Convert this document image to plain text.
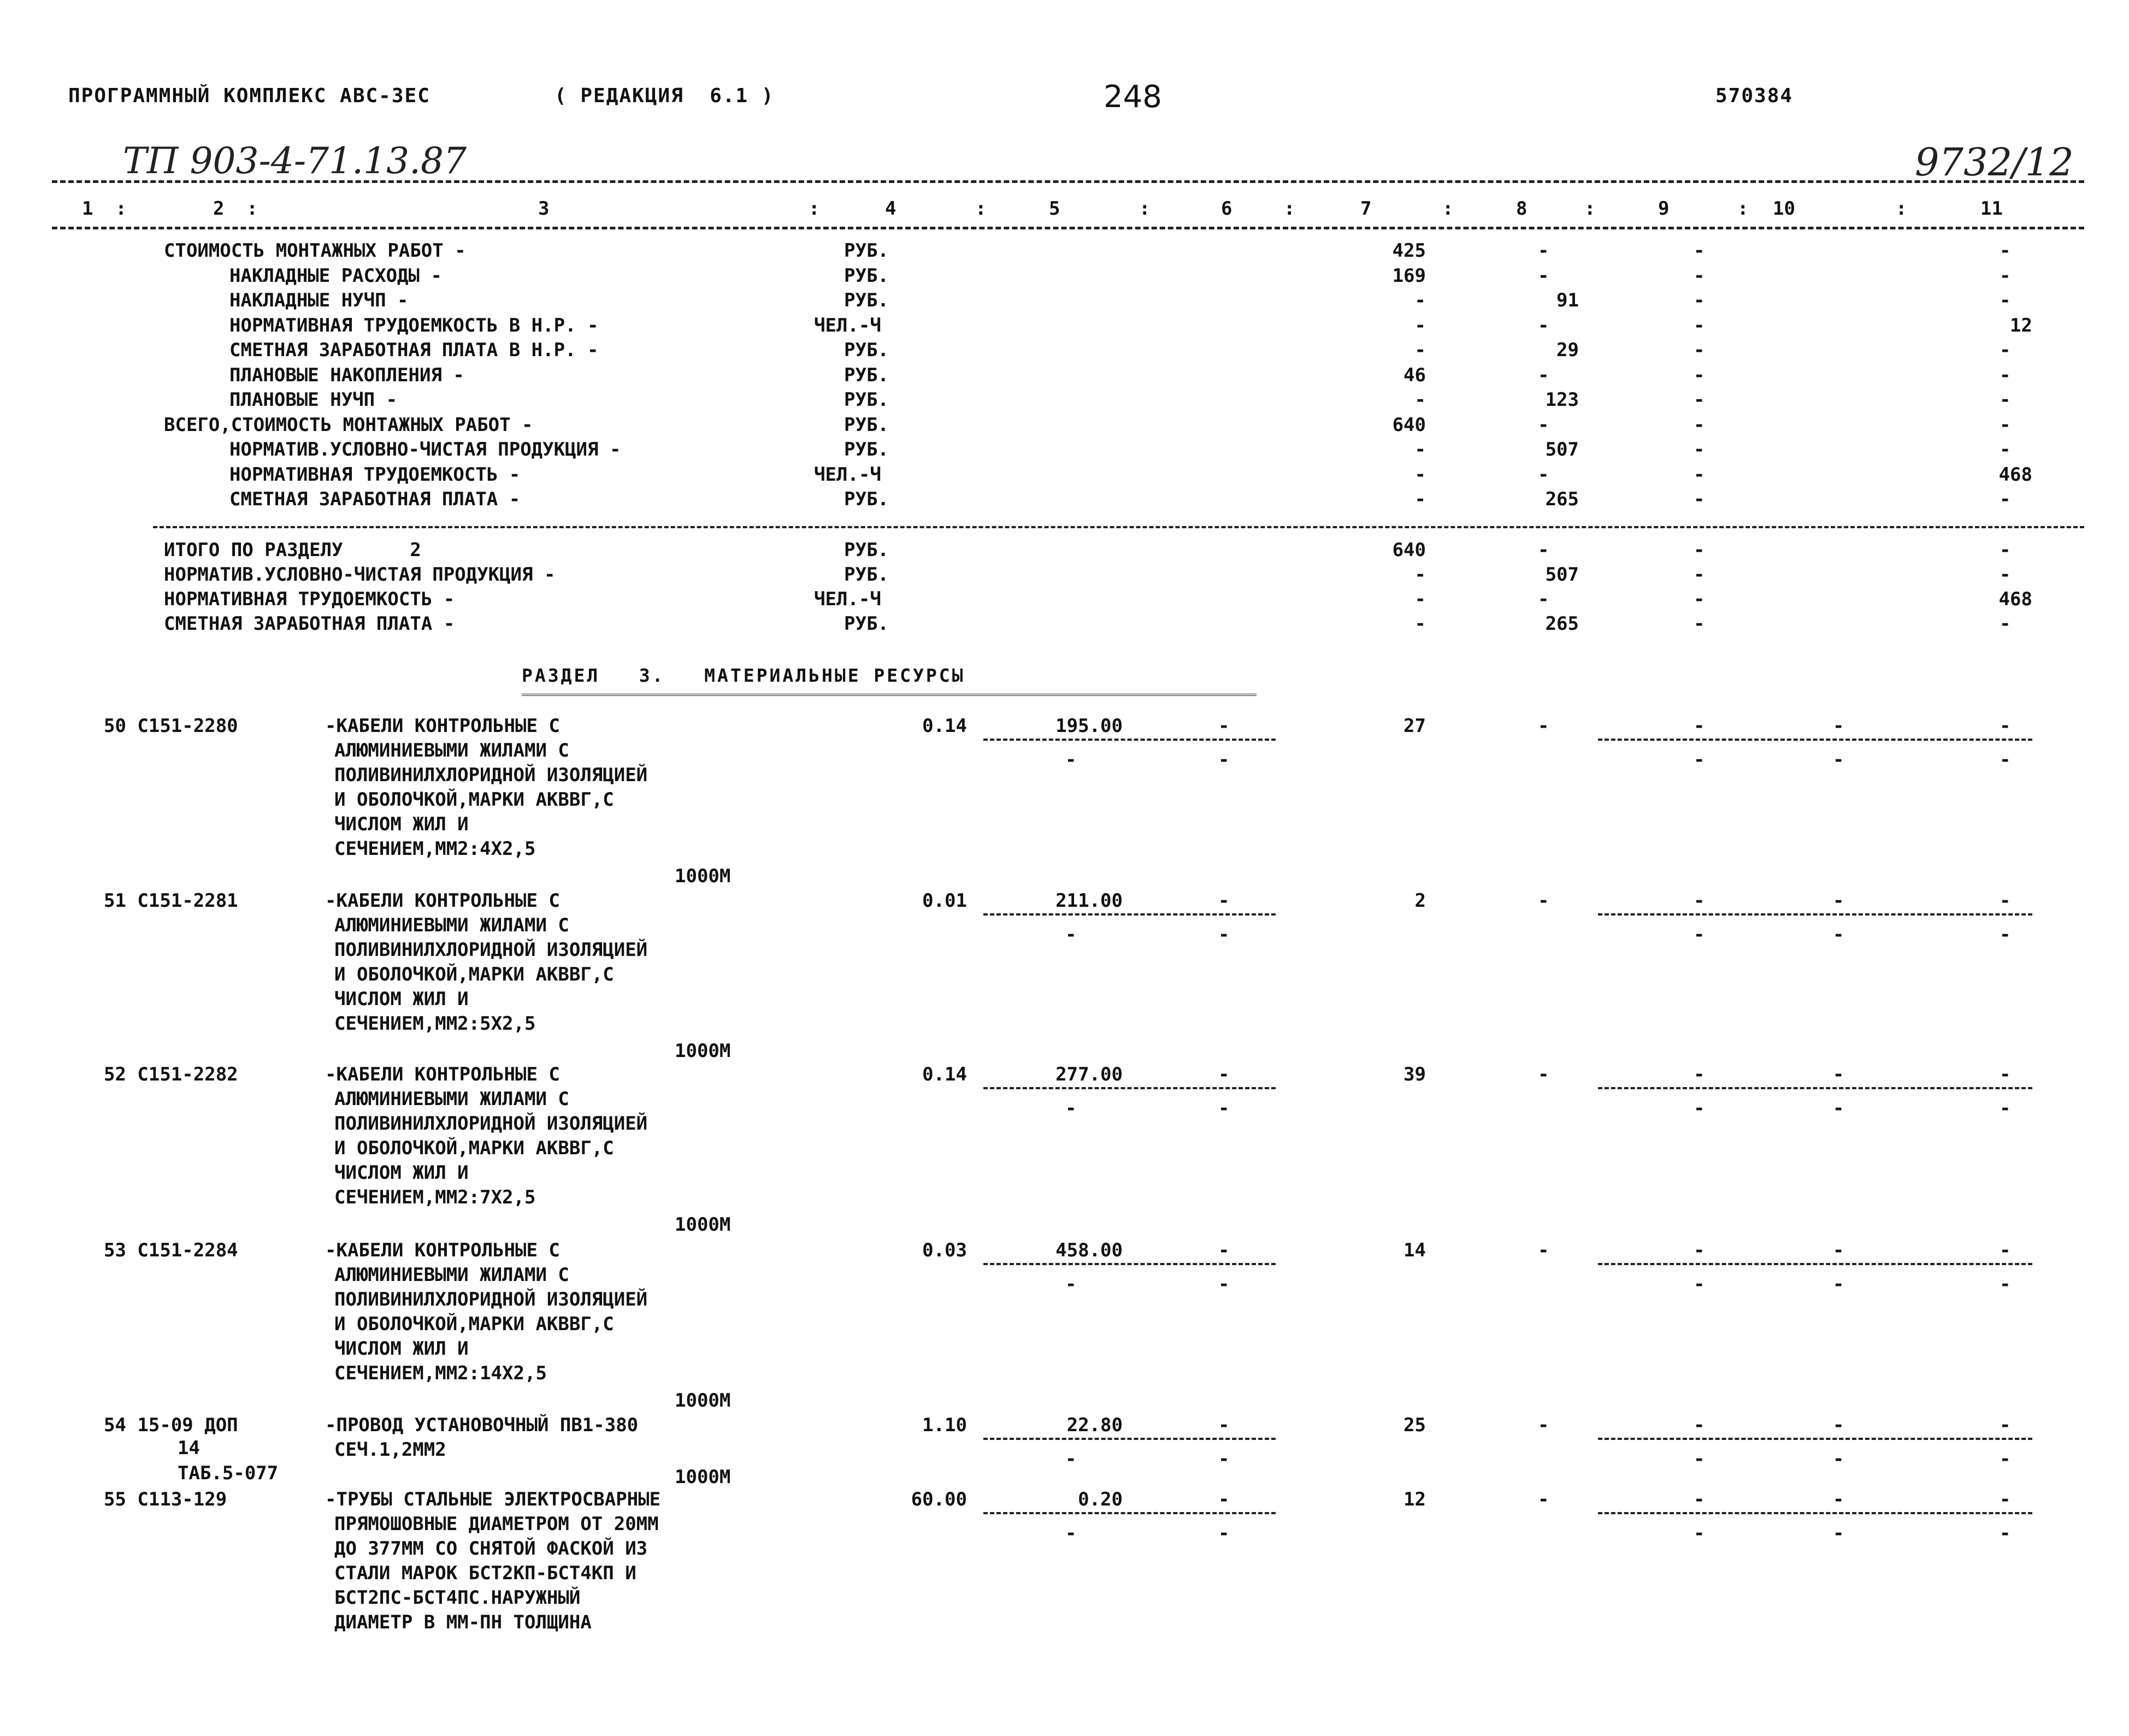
ПРОГРАММНЫЙ КОМПЛЕКС АВС-ЗЕС	( РЕДАКЦИЯ  6.1 )	248	570384
ТП 903-4-71.13.87	9732/12
1  :	2  :	3	:	4	:	5	:	6	:	7	:	8	:	9	: 10	:	11
СТОИМОСТЬ МОНТАЖНЫХ РАБОТ -	РУБ.	425	-	-	-
НАКЛАДНЫЕ РАСХОДЫ -	РУБ.	169	-	-	-
НАКЛАДНЫЕ НУЧП -	РУБ.	-	91	-	-
НОРМАТИВНАЯ ТРУДОЕМКОСТЬ В Н.Р. -	ЧЕЛ.-Ч	-	-	-	12
СМЕТНАЯ ЗАРАБОТНАЯ ПЛАТА В Н.Р. -	РУБ.	-	29	-	-
ПЛАНОВЫЕ НАКОПЛЕНИЯ -	РУБ.	46	-	-	-
ПЛАНОВЫЕ НУЧП -	РУБ.	-	123	-	-
ВСЕГО,СТОИМОСТЬ МОНТАЖНЫХ РАБОТ -	РУБ.	640	-	-	-
НОРМАТИВ.УСЛОВНО-ЧИСТАЯ ПРОДУКЦИЯ -	РУБ.	-	507	-	-
НОРМАТИВНАЯ ТРУДОЕМКОСТЬ -	ЧЕЛ.-Ч	-	-	-	468
СМЕТНАЯ ЗАРАБОТНАЯ ПЛАТА -	РУБ.	-	265	-	-
ИТОГО ПО РАЗДЕЛУ      2	РУБ.	640	-	-	-
НОРМАТИВ.УСЛОВНО-ЧИСТАЯ ПРОДУКЦИЯ -	РУБ.	-	507	-	-
НОРМАТИВНАЯ ТРУДОЕМКОСТЬ -	ЧЕЛ.-Ч	-	-	-	468
СМЕТНАЯ ЗАРАБОТНАЯ ПЛАТА -	РУБ.	-	265	-	-
РАЗДЕЛ   3.   МАТЕРИАЛЬНЫЕ РЕСУРСЫ
50 С151-2280	-КАБЕЛИ КОНТРОЛЬНЫЕ С
АЛЮМИНИЕВЫМИ ЖИЛАМИ С
ПОЛИВИНИЛХЛОРИДНОЙ ИЗОЛЯЦИЕЙ
И ОБОЛОЧКОЙ,МАРКИ АКВВГ,С
ЧИСЛОМ ЖИЛ И
СЕЧЕНИЕМ,ММ2:4Х2,5
1000М
0.14	195.00	-	27	-	-	-	-
-	-	-	-	-
51 С151-2281	-КАБЕЛИ КОНТРОЛЬНЫЕ С
АЛЮМИНИЕВЫМИ ЖИЛАМИ С
ПОЛИВИНИЛХЛОРИДНОЙ ИЗОЛЯЦИЕЙ
И ОБОЛОЧКОЙ,МАРКИ АКВВГ,С
ЧИСЛОМ ЖИЛ И
СЕЧЕНИЕМ,ММ2:5Х2,5
1000М
0.01	211.00	-	2	-	-	-	-
-	-	-	-	-
52 С151-2282	-КАБЕЛИ КОНТРОЛЬНЫЕ С
АЛЮМИНИЕВЫМИ ЖИЛАМИ С
ПОЛИВИНИЛХЛОРИДНОЙ ИЗОЛЯЦИЕЙ
И ОБОЛОЧКОЙ,МАРКИ АКВВГ,С
ЧИСЛОМ ЖИЛ И
СЕЧЕНИЕМ,ММ2:7Х2,5
1000М
0.14	277.00	-	39	-	-	-	-
-	-	-	-	-
53 С151-2284	-КАБЕЛИ КОНТРОЛЬНЫЕ С
АЛЮМИНИЕВЫМИ ЖИЛАМИ С
ПОЛИВИНИЛХЛОРИДНОЙ ИЗОЛЯЦИЕЙ
И ОБОЛОЧКОЙ,МАРКИ АКВВГ,С
ЧИСЛОМ ЖИЛ И
СЕЧЕНИЕМ,ММ2:14Х2,5
1000М
0.03	458.00	-	14	-	-	-	-
-	-	-	-	-
54 15-09 ДОП
14
ТАБ.5-077
-ПРОВОД УСТАНОВОЧНЫЙ ПВ1-380
СЕЧ.1,2ММ2
1000М
1.10	22.80	-	25	-	-	-	-
-	-	-	-	-
55 С113-129	-ТРУБЫ СТАЛЬНЫЕ ЭЛЕКТРОСВАРНЫЕ
ПРЯМОШОВНЫЕ ДИАМЕТРОМ ОТ 20ММ
ДО 377ММ СО СНЯТОЙ ФАСКОЙ ИЗ
СТАЛИ МАРОК БСТ2КП-БСТ4КП И
БСТ2ПС-БСТ4ПС.НАРУЖНЫЙ
ДИАМЕТР В ММ-ПН ТОЛЩИНА
60.00	0.20	-	12	-	-	-	-
-	-	-	-	-
